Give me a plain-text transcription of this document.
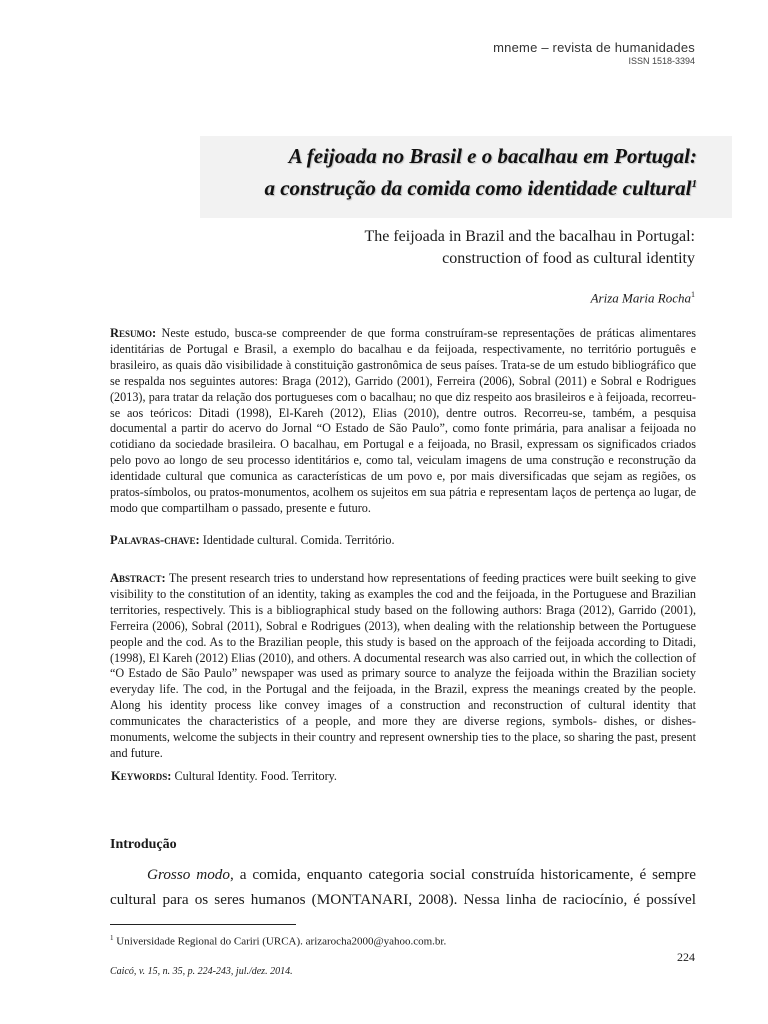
mneme – revista de humanidades
ISSN 1518-3394
A feijoada no Brasil e o bacalhau em Portugal:
a construção da comida como identidade cultural$^1$
The feijoada in Brazil and the bacalhau in Portugal:
construction of food as cultural identity
Ariza Maria Rocha$^1$
Resumo: Neste estudo, busca-se compreender de que forma construíram-se representações de práticas alimentares identitárias de Portugal e Brasil, a exemplo do bacalhau e da feijoada, respectivamente, no território português e brasileiro, as quais dão visibilidade à constituição gastronômica de seus países. Trata-se de um estudo bibliográfico que se respalda nos seguintes autores: Braga (2012), Garrido (2001), Ferreira (2006), Sobral (2011) e Sobral e Rodrigues (2013), para tratar da relação dos portugueses com o bacalhau; no que diz respeito aos brasileiros e à feijoada, recorreu-se aos teóricos: Ditadi (1998), El-Kareh (2012), Elias (2010), dentre outros. Recorreu-se, também, a pesquisa documental a partir do acervo do Jornal “O Estado de São Paulo”, como fonte primária, para analisar a feijoada no cotidiano da sociedade brasileira. O bacalhau, em Portugal e a feijoada, no Brasil, expressam os significados criados pelo povo ao longo de seu processo identitários e, como tal, veiculam imagens de uma construção e reconstrução da identidade cultural que comunica as características de um povo e, por mais diversificadas que sejam as regiões, os pratos-símbolos, ou pratos-monumentos, acolhem os sujeitos em sua pátria e representam laços de pertença ao lugar, de modo que compartilham o passado, presente e futuro.
Palavras-chave: Identidade cultural. Comida. Território.
Abstract: The present research tries to understand how representations of feeding practices were built seeking to give visibility to the constitution of an identity, taking as examples the cod and the feijoada, in the Portuguese and Brazilian territories, respectively. This is a bibliographical study based on the following authors: Braga (2012), Garrido (2001), Ferreira (2006), Sobral (2011), Sobral e Rodrigues (2013), when dealing with the relationship between the Portuguese people and the cod. As to the Brazilian people, this study is based on the approach of the feijoada according to Ditadi, (1998), El Kareh (2012) Elias (2010), and others. A documental research was also carried out, in which the collection of “O Estado de São Paulo” newspaper was used as primary source to analyze the feijoada within the Brazilian society everyday life. The cod, in the Portugal and the feijoada, in the Brazil, express the meanings created by the people. Along his identity process like convey images of a construction and reconstruction of cultural identity that communicates the characteristics of a people, and more they are diverse regions, symbols- dishes, or dishes- monuments, welcome the subjects in their country and represent ownership ties to the place, so sharing the past, present and future.
Keywords: Cultural Identity. Food. Territory.
Introdução
Grosso modo, a comida, enquanto categoria social construída historicamente, é sempre
cultural para os seres humanos (MONTANARI, 2008). Nessa linha de raciocínio, é possível
$^1$ Universidade Regional do Cariri (URCA). arizarocha2000@yahoo.com.br.
224
Caicó, v. 15, n. 35, p. 224-243, jul./dez. 2014.
